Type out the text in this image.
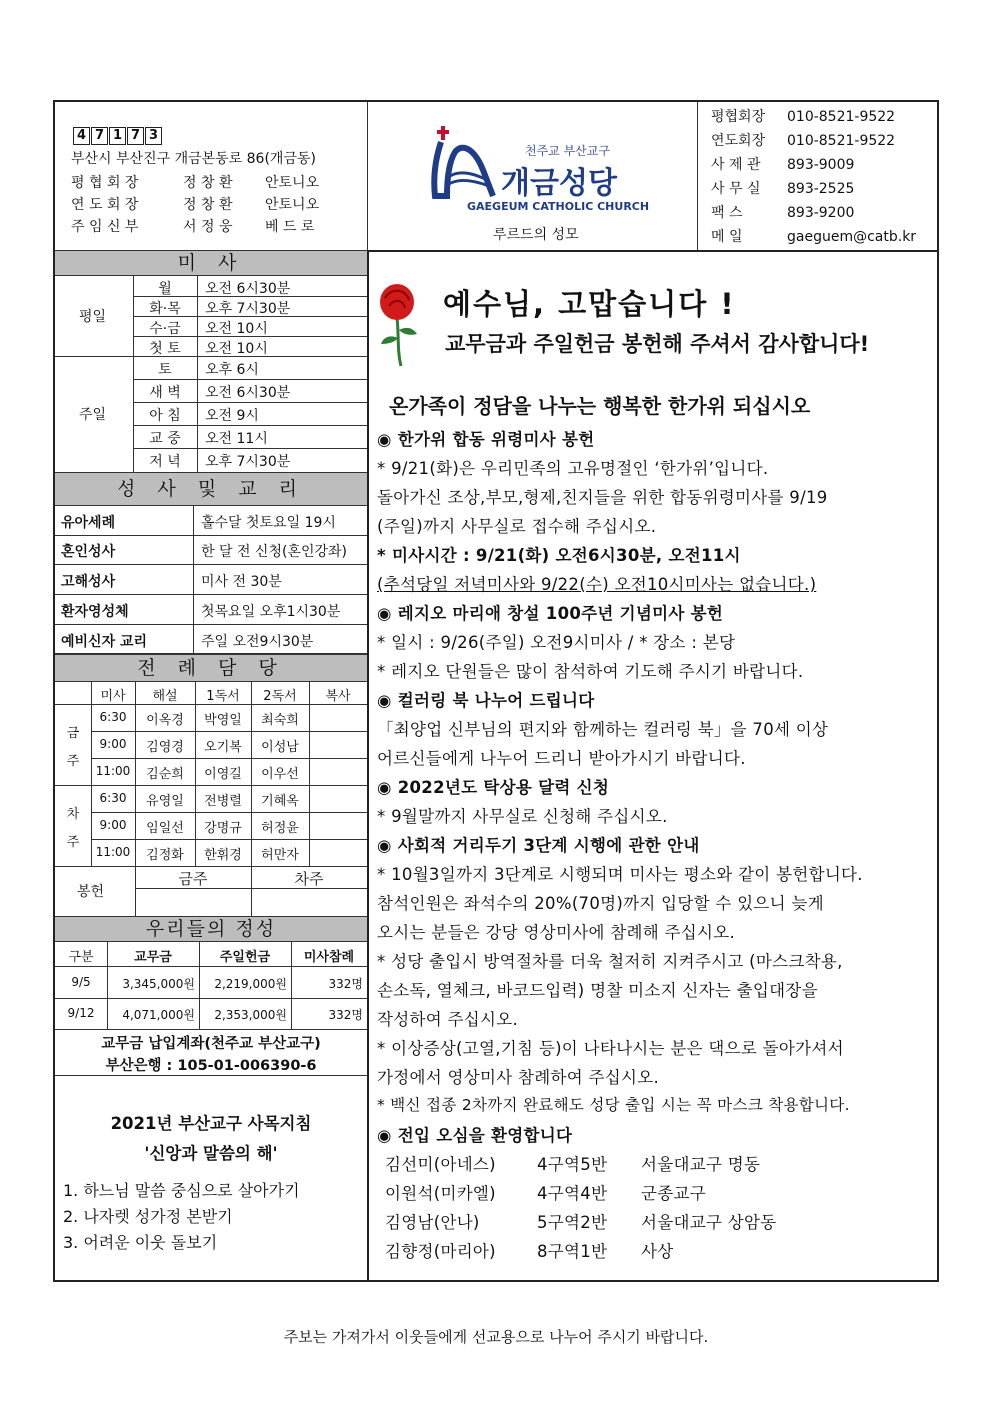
4 7 1 7 3
부산시 부산진구 개금본동로 86(개금동)
평 협 회 장	정 창 환 안토니오
연 도 회 장	정 창 환 안토니오
주 임 신 부	서 정 웅 베 드 로
천주교 부산교구
개금성당
GAEGEUM CATHOLIC CHURCH
루르드의 성모
평협회장 010-8521-9522
연도회장 010-8521-9522
사 제 관 893-9009
사 무 실 893-2525
팩 스	893-9200
메 일	gaeguem@catb.kr
미 사
평일
월	오전 6시30분
화·목	오후 7시30분
수·금	오전 10시
첫 토	오전 10시
주일
토	오후 6시
새 벽	오전 6시30분
아 침	오전 9시
교 중	오전 11시
저 녁	오후 7시30분
성 사 및 교 리
유아세례	홀수달 첫토요일 19시
혼인성사	한 달 전 신청(혼인강좌)
고해성사	미사 전 30분
환자영성체	첫목요일 오후1시30분
예비신자 교리	주일 오전9시30분
전 례 담 당
미사	해설	1독서	2독서	복사
금주
6:30	이옥경	박영일	최숙희
9:00	김영경	오기복	이성남
11:00	김순희	이영길	이우선
차주
6:30	유영일	전병렬	기혜옥
9:00	임일선	강명규	허정윤
11:00	김정화	한휘경	허만자
봉헌
금주	차주
우리들의 정성
구분	교무금	주일헌금	미사참례
9/5	3,345,000원	2,219,000원	332명
9/12	4,071,000원	2,353,000원	332명
교무금 납입계좌(천주교 부산교구)
부산은행 : 105-01-006390-6
2021년 부산교구 사목지침
'신앙과 말씀의 해'
1. 하느님 말씀 중심으로 살아가기
2. 나자렛 성가정 본받기
3. 어려운 이웃 돌보기
예수님, 고맙습니다 !
교무금과 주일헌금 봉헌해 주셔서 감사합니다!
온가족이 정담을 나누는 행복한 한가위 되십시오
◉ 한가위 합동 위령미사 봉헌
* 9/21(화)은 우리민족의 고유명절인 ‘한가위’입니다.
돌아가신 조상,부모,형제,친지들을 위한 합동위령미사를 9/19
(주일)까지 사무실로 접수해 주십시오.
* 미사시간 : 9/21(화) 오전6시30분, 오전11시
(추석당일 저녁미사와 9/22(수) 오전10시미사는 없습니다.)
◉ 레지오 마리애 창설 100주년 기념미사 봉헌
* 일시 : 9/26(주일) 오전9시미사 / * 장소 : 본당
* 레지오 단원들은 많이 참석하여 기도해 주시기 바랍니다.
◉ 컬러링 북 나누어 드립니다
「최양업 신부님의 편지와 함께하는 컬러링 북」을 70세 이상
어르신들에게 나누어 드리니 받아가시기 바랍니다.
◉ 2022년도 탁상용 달력 신청
* 9월말까지 사무실로 신청해 주십시오.
◉ 사회적 거리두기 3단계 시행에 관한 안내
* 10월3일까지 3단계로 시행되며 미사는 평소와 같이 봉헌합니다.
참석인원은 좌석수의 20%(70명)까지 입당할 수 있으니 늦게
오시는 분들은 강당 영상미사에 참례해 주십시오.
* 성당 출입시 방역절차를 더욱 철저히 지켜주시고 (마스크착용,
손소독, 열체크, 바코드입력) 명찰 미소지 신자는 출입대장을
작성하여 주십시오.
* 이상증상(고열,기침 등)이 나타나시는 분은 댁으로 돌아가셔서
가정에서 영상미사 참례하여 주십시오.
* 백신 접종 2차까지 완료해도 성당 출입 시는 꼭 마스크 착용합니다.
◉ 전입 오심을 환영합니다
김선미(아네스) 4구역5반 서울대교구 명동
이원석(미카엘) 4구역4반 군종교구
김영남(안나)	5구역2반 서울대교구 상암동
김향정(마리아) 8구역1반 사상
주보는 가져가서 이웃들에게 선교용으로 나누어 주시기 바랍니다.
